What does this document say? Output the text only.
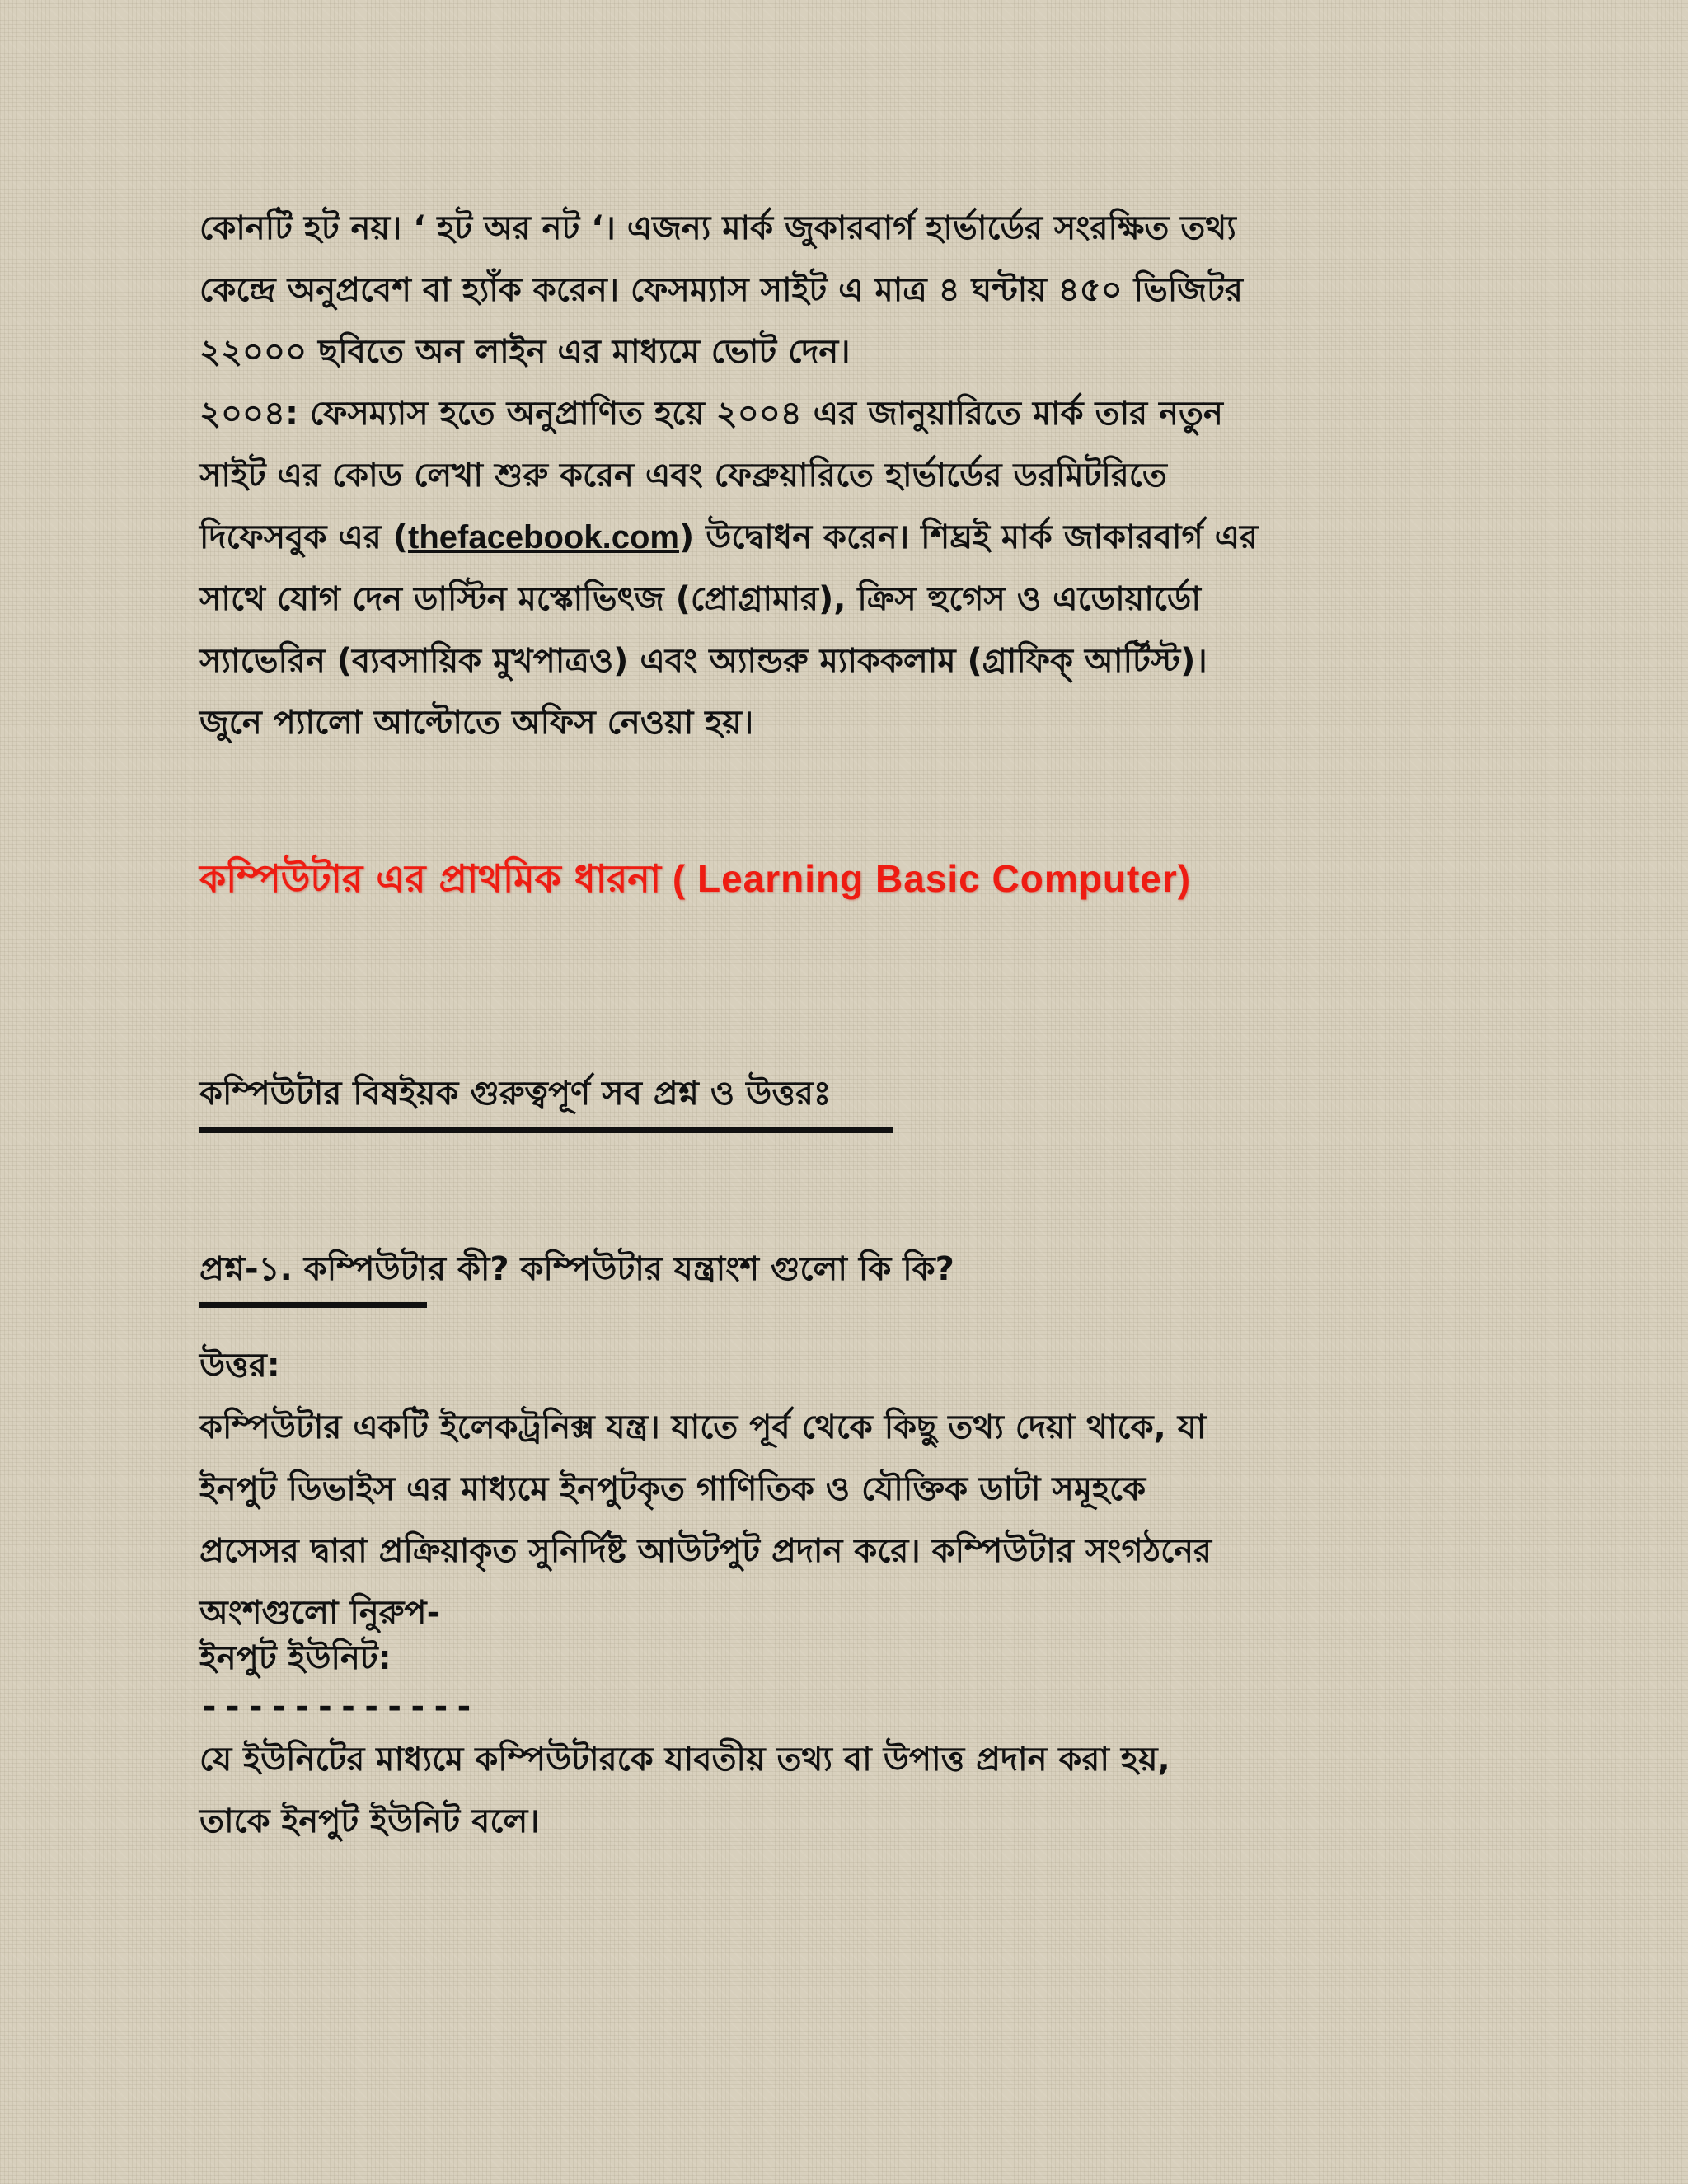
কোনটি হট নয়। ‘ হট অর নট ‘। এজন্য মার্ক জুকারবার্গ হার্ভার্ডের সংরক্ষিত তথ্য
কেন্দ্রে অনুপ্রবেশ বা হ্যাঁক করেন। ফেসম্যাস সাইট এ মাত্র ৪ ঘন্টায় ৪৫০ ভিজিটর
২২০০০ ছবিতে অন লাইন এর মাধ্যমে ভোট দেন।
২০০৪: ফেসম্যাস হতে অনুপ্রাণিত হয়ে ২০০৪ এর জানুয়ারিতে মার্ক তার নতুন
সাইট এর কোড লেখা শুরু করেন এবং ফেব্রুয়ারিতে হার্ভার্ডের ডরমিটরিতে
দিফেসবুক এর (thefacebook.com) উদ্বোধন করেন। শিঘ্রই মার্ক জাকারবার্গ এর
সাথে যোগ দেন ডাস্টিন মস্কোভিৎজ (প্রোগ্রামার), ক্রিস হুগেস ও এডোয়ার্ডো
স্যাভেরিন (ব্যবসায়িক মুখপাত্রও) এবং অ্যান্ডরু ম্যাককলাম (গ্রাফিক্ আর্টিস্ট)।
জুনে প্যালো আল্টোতে অফিস নেওয়া হয়।
কম্পিউটার এর প্রাথমিক ধারনা ( Learning Basic Computer)
কম্পিউটার বিষইয়ক গুরুত্বপূর্ণ সব প্রশ্ন ও উত্তরঃ
প্রশ্ন-১. কম্পিউটার কী? কম্পিউটার যন্ত্রাংশ গুলো কি কি?
উত্তর:
কম্পিউটার একটি ইলেকট্রনিক্স যন্ত্র। যাতে পূর্ব থেকে কিছু তথ্য দেয়া থাকে, যা
ইনপুট ডিভাইস এর মাধ্যমে ইনপুটকৃত গাণিতিক ও যৌক্তিক ডাটা সমূহকে
প্রসেসর দ্বারা প্রক্রিয়াকৃত সুনির্দিষ্ট আউটপুট প্রদান করে। কম্পিউটার সংগঠনের
অংশগুলো নিুরুপ-
ইনপুট ইউনিট:
------------
যে ইউনিটের মাধ্যমে কম্পিউটারকে যাবতীয় তথ্য বা উপাত্ত প্রদান করা হয়,
তাকে ইনপুট ইউনিট বলে।
